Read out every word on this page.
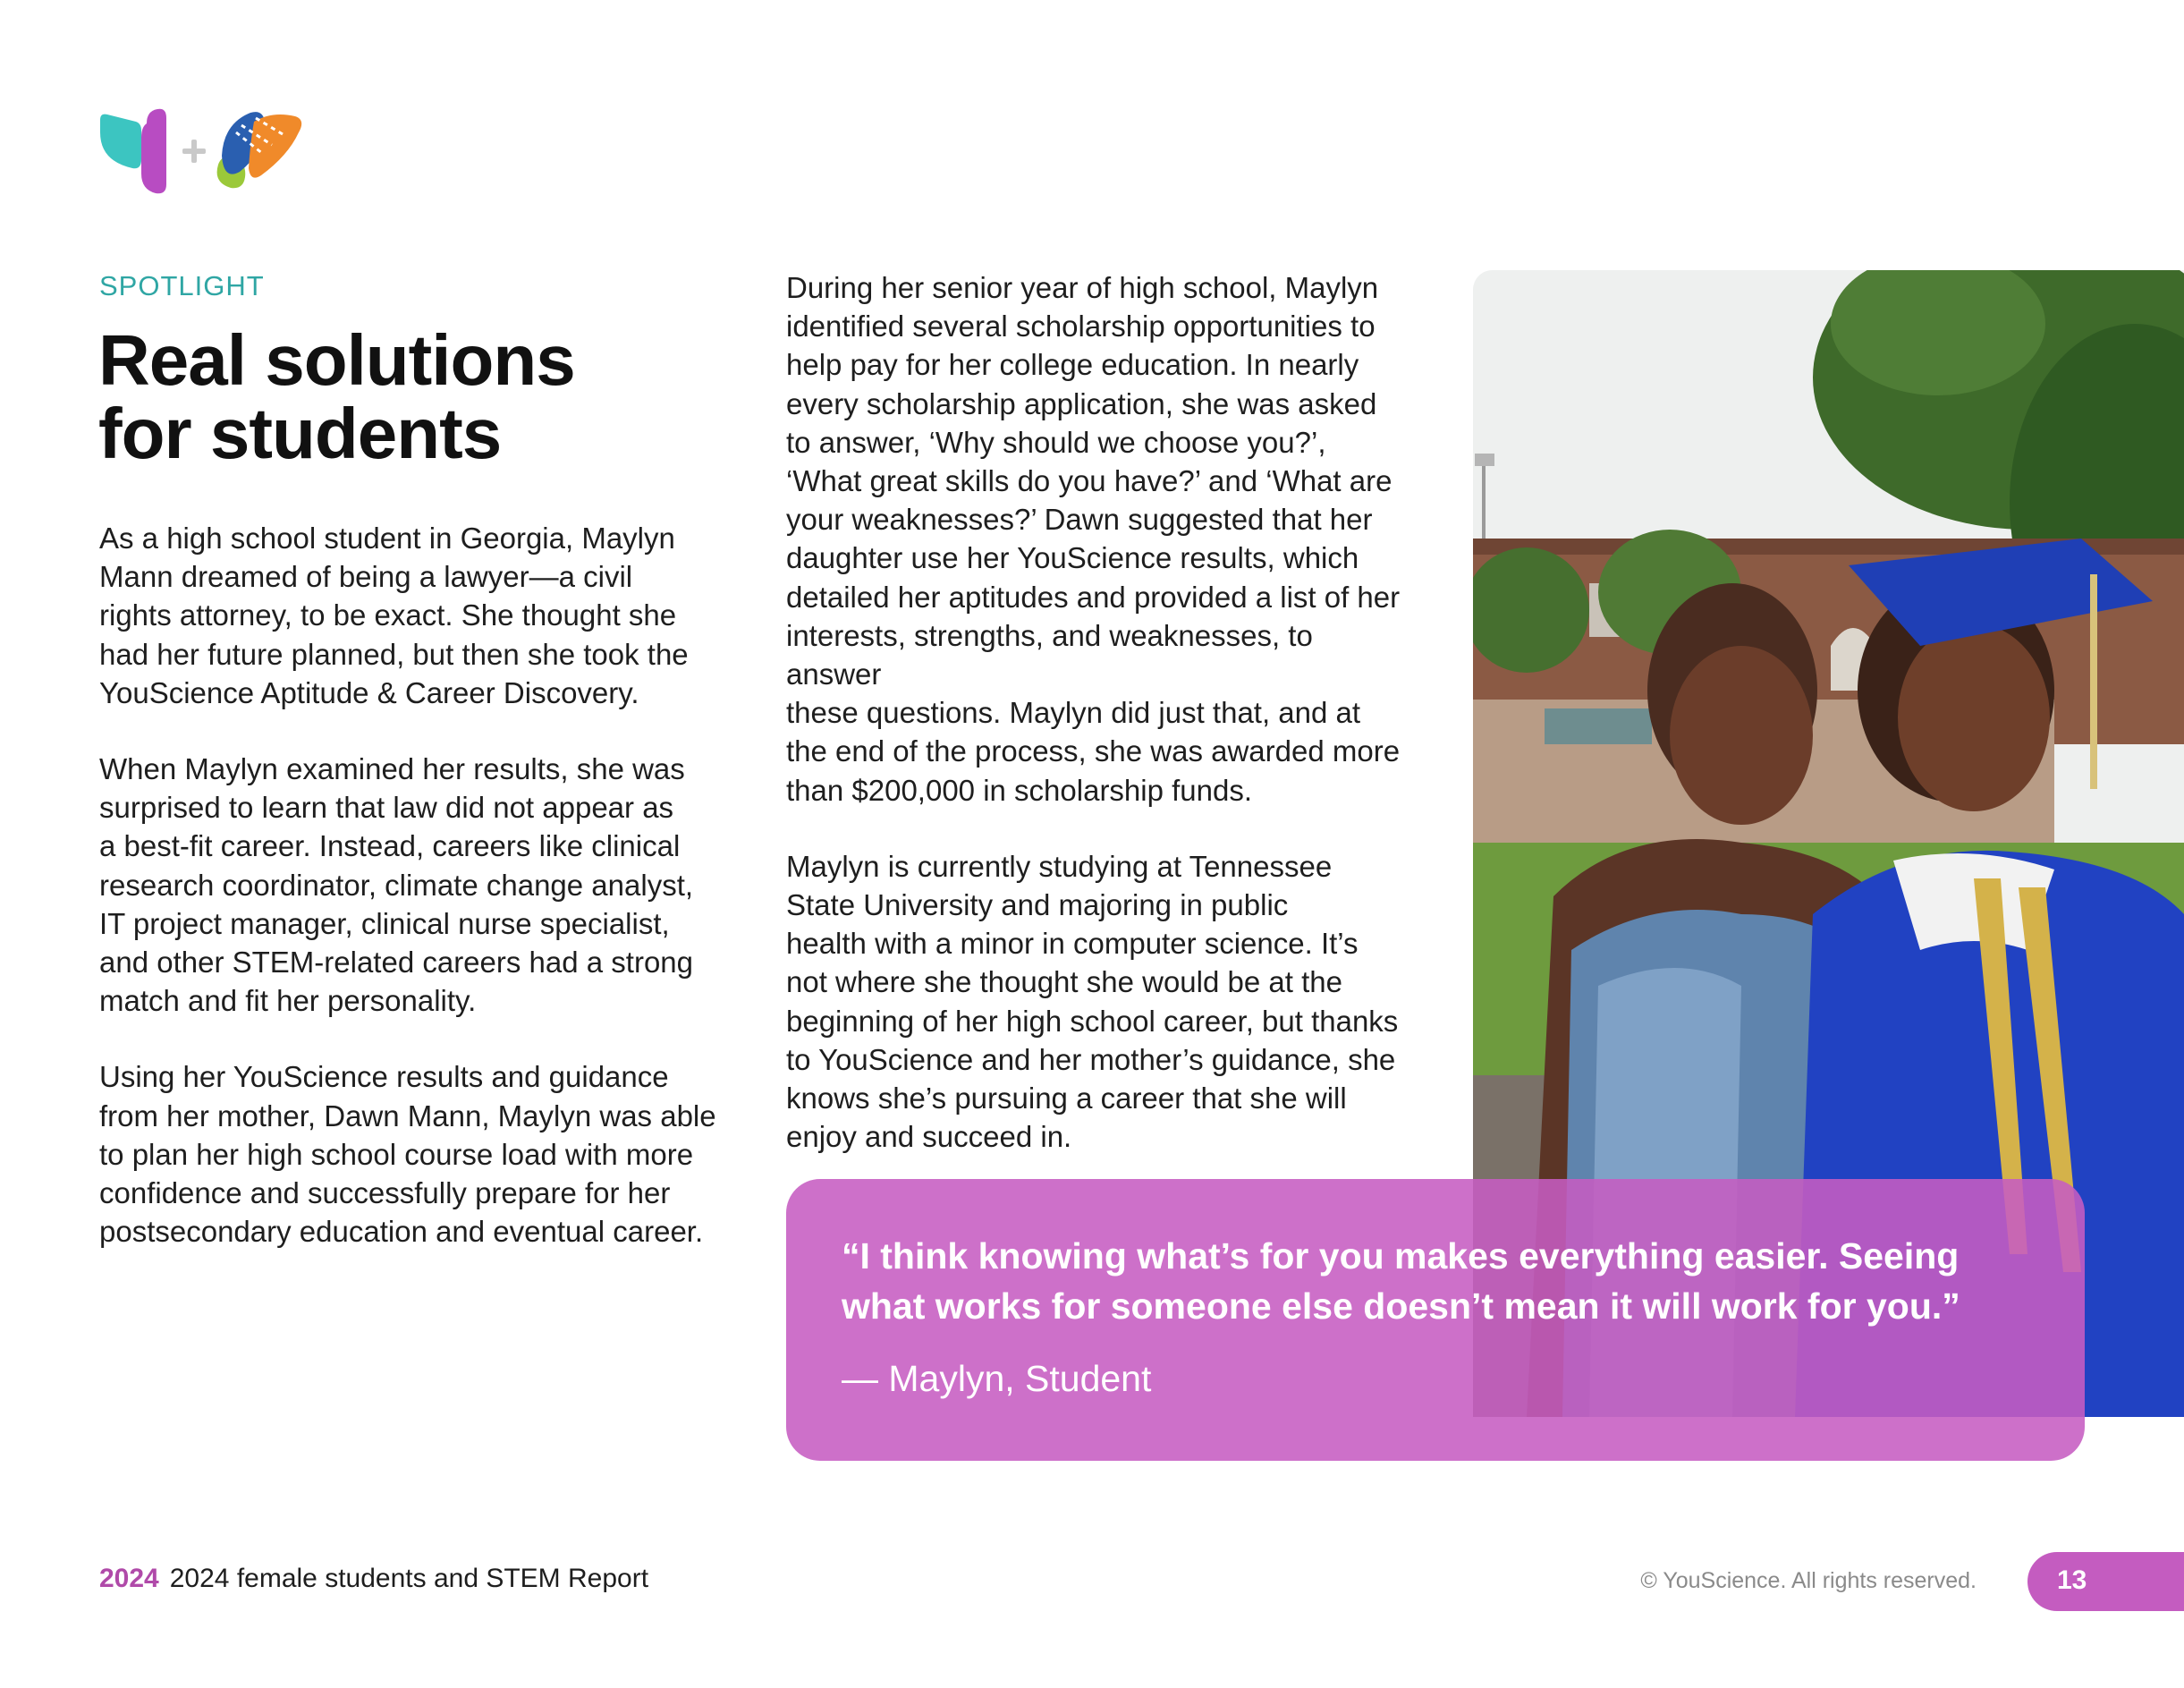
SPOTLIGHT
Real solutions
for students

As a high school student in Georgia, Maylyn
Mann dreamed of being a lawyer—a civil
rights attorney, to be exact. She thought she
had her future planned, but then she took the
YouScience Aptitude & Career Discovery.

When Maylyn examined her results, she was
surprised to learn that law did not appear as
a best-fit career. Instead, careers like clinical
research coordinator, climate change analyst,
IT project manager, clinical nurse specialist,
and other STEM-related careers had a strong
match and fit her personality.

Using her YouScience results and guidance
from her mother, Dawn Mann, Maylyn was able
to plan her high school course load with more
confidence and successfully prepare for her
postsecondary education and eventual career.

During her senior year of high school, Maylyn
identified several scholarship opportunities to
help pay for her college education. In nearly
every scholarship application, she was asked
to answer, ‘Why should we choose you?’,
‘What great skills do you have?’ and ‘What are
your weaknesses?’ Dawn suggested that her
daughter use her YouScience results, which
detailed her aptitudes and provided a list of her
interests, strengths, and weaknesses, to answer
these questions. Maylyn did just that, and at
the end of the process, she was awarded more
than $200,000 in scholarship funds.

Maylyn is currently studying at Tennessee
State University and majoring in public
health with a minor in computer science. It’s
not where she thought she would be at the
beginning of her high school career, but thanks
to YouScience and her mother’s guidance, she
knows she’s pursuing a career that she will
enjoy and succeed in.

“I think knowing what’s for you makes everything easier. Seeing
what works for someone else doesn’t mean it will work for you.”

— Maylyn, Student
2024 2024 female students and STEM Report	© YouScience. All rights reserved.	13
